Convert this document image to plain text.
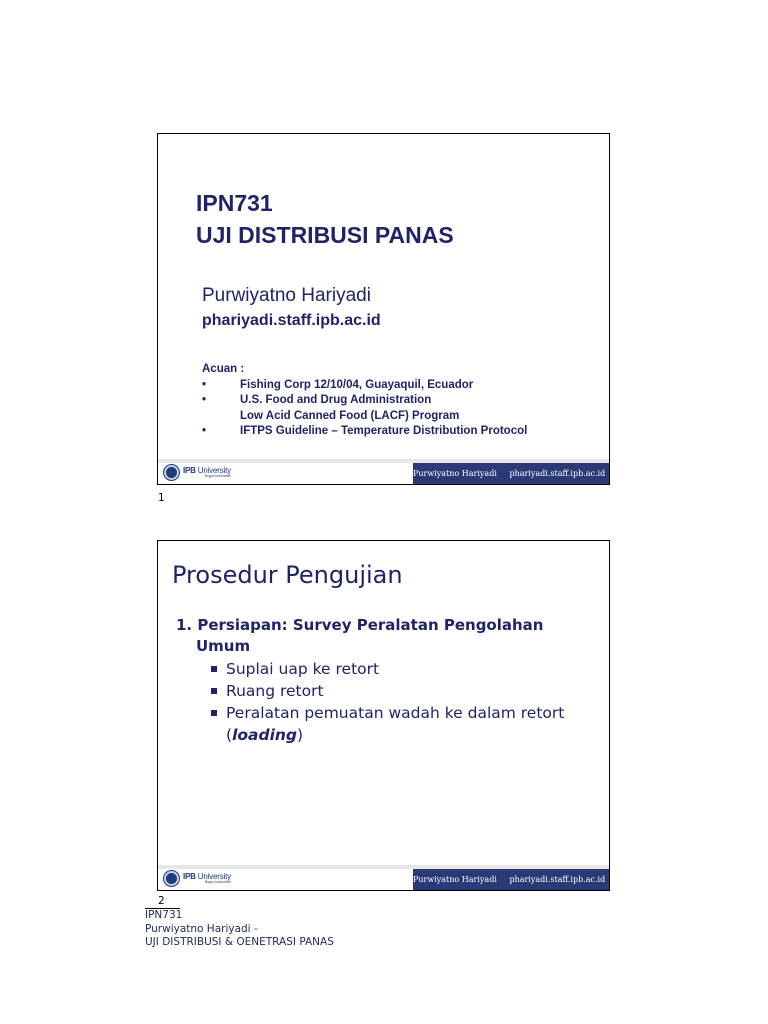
IPN731
UJI DISTRIBUSI PANAS
Purwiyatno Hariyadi
phariyadi.staff.ipb.ac.id
Acuan :
•	Fishing Corp 12/10/04, Guayaquil, Ecuador
•	U.S. Food and Drug Administration
Low Acid Canned Food (LACF) Program
•	IFTPS Guideline – Temperature Distribution Protocol
IPB University
Bogor Indonesia	Purwiyatno Hariyadi phariyadi.staff.ipb.ac.id
1
Prosedur Pengujian
1. Persiapan: Survey Peralatan Pengolahan
Umum
Suplai uap ke retort
Ruang retort
Peralatan pemuatan wadah ke dalam retort
(loading)
IPB University
Bogor Indonesia	Purwiyatno Hariyadi phariyadi.staff.ipb.ac.id
2
IPN731
Purwiyatno Hariyadi -
UJI DISTRIBUSI & OENETRASI PANAS
